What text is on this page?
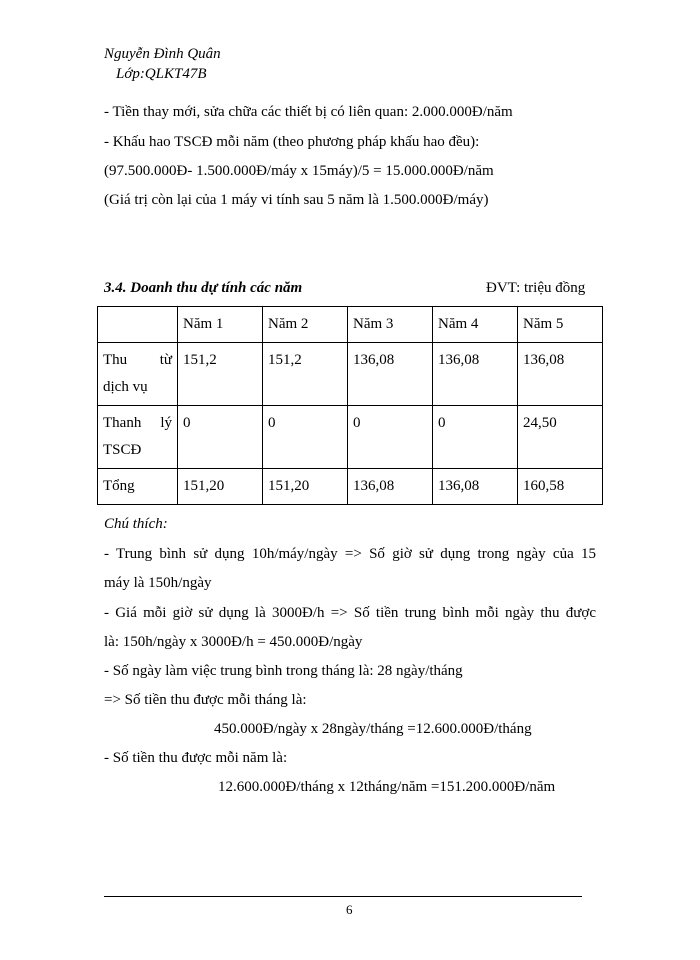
Nguyễn Đình Quân
Lớp:QLKT47B
- Tiền thay mới, sửa chữa các thiết bị có liên quan: 2.000.000Đ/năm
- Khấu hao TSCĐ mỗi năm (theo phương pháp khấu hao đều):
(97.500.000Đ- 1.500.000Đ/máy x 15máy)/5 = 15.000.000Đ/năm
(Giá trị còn lại của 1 máy vi tính sau 5 năm là 1.500.000Đ/máy)
3.4. Doanh thu dự tính các năm	ĐVT: triệu đồng
	Năm 1	Năm 2	Năm 3	Năm 4	Năm 5
Thu từ dịch vụ	151,2	151,2	136,08	136,08	136,08
Thanh lý TSCĐ	0	0	0	0	24,50
Tổng	151,20	151,20	136,08	136,08	160,58
Chú thích:
- Trung bình sử dụng 10h/máy/ngày => Số giờ sử dụng trong ngày của 15
máy là 150h/ngày
- Giá mỗi giờ sử dụng là 3000Đ/h => Số tiền trung bình mỗi ngày thu được
là: 150h/ngày x 3000Đ/h = 450.000Đ/ngày
- Số ngày làm việc trung bình trong tháng là: 28 ngày/tháng
=> Số tiền thu được mỗi tháng là:
450.000Đ/ngày x 28ngày/tháng =12.600.000Đ/tháng
- Số tiền thu được mỗi năm là:
12.600.000Đ/tháng x 12tháng/năm =151.200.000Đ/năm
6
